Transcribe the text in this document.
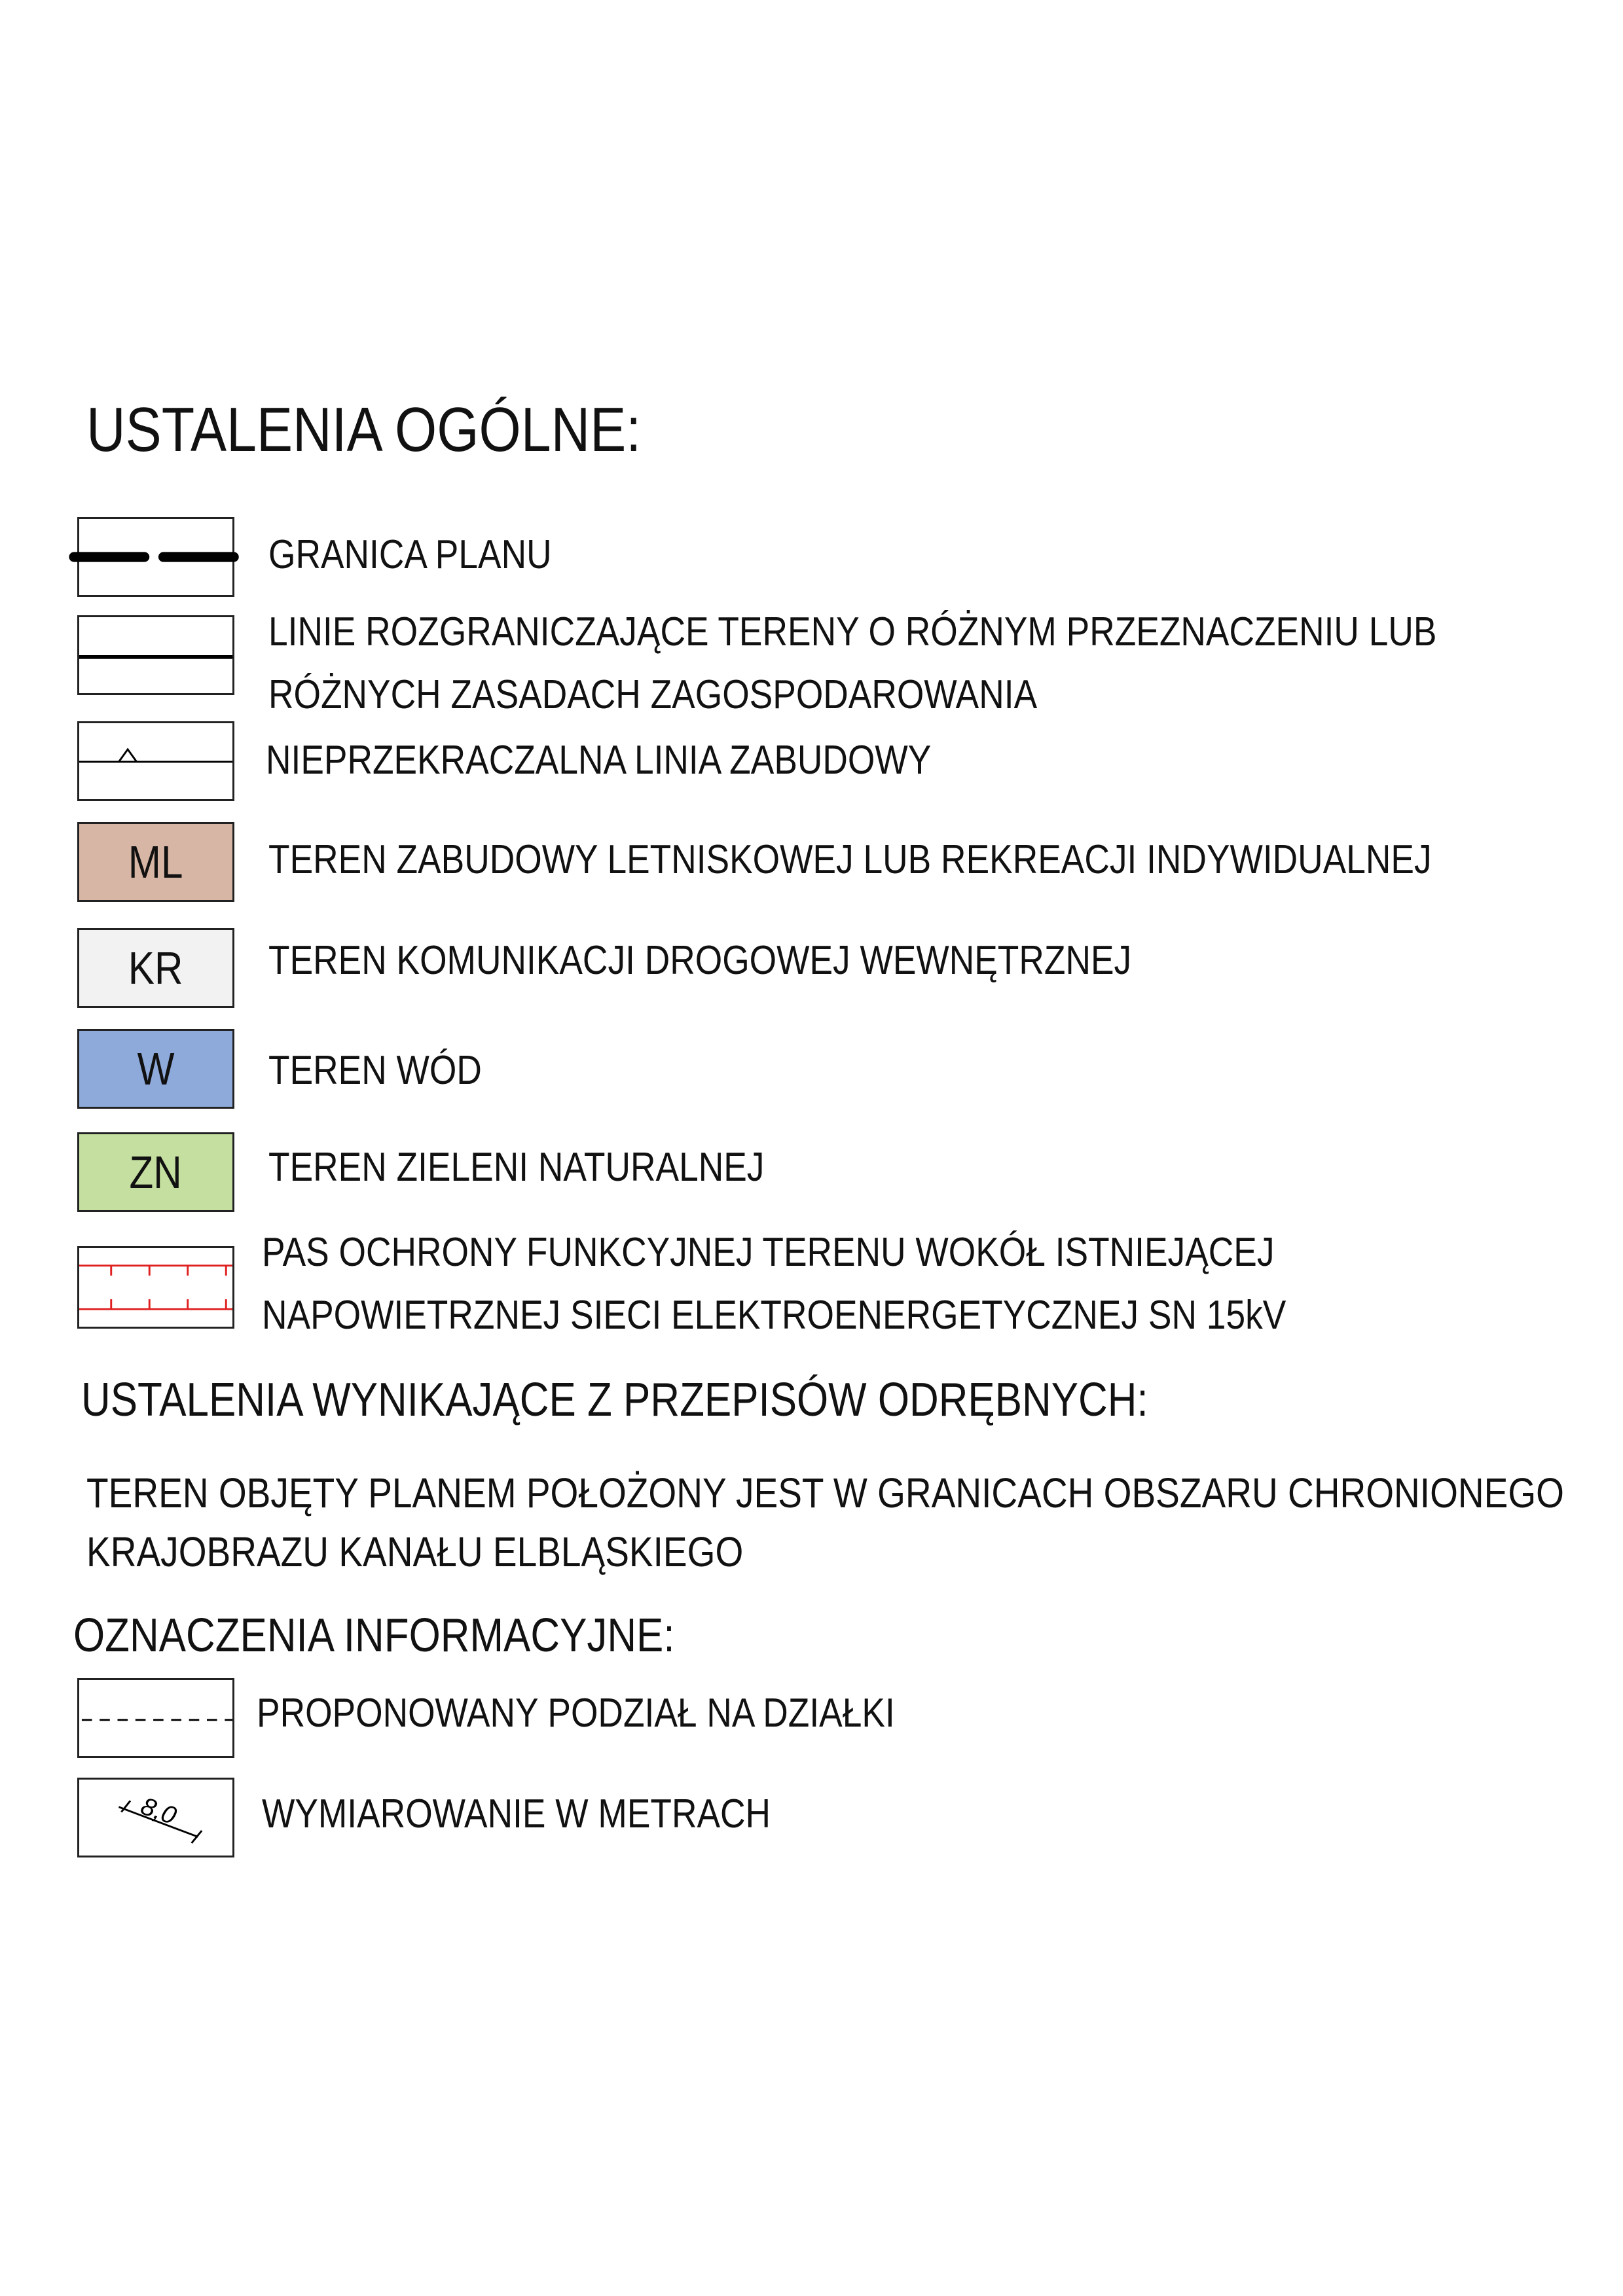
USTALENIA OGÓLNE:
GRANICA PLANU
LINIE ROZGRANICZAJĄCE TERENY O RÓŻNYM PRZEZNACZENIU LUB
RÓŻNYCH ZASADACH ZAGOSPODAROWANIA
NIEPRZEKRACZALNA LINIA ZABUDOWY
ML TEREN ZABUDOWY LETNISKOWEJ LUB REKREACJI INDYWIDUALNEJ
KR TEREN KOMUNIKACJI DROGOWEJ WEWNĘTRZNEJ
W TEREN WÓD
ZN TEREN ZIELENI NATURALNEJ
PAS OCHRONY FUNKCYJNEJ TERENU WOKÓŁ ISTNIEJĄCEJ
NAPOWIETRZNEJ SIECI ELEKTROENERGETYCZNEJ SN 15kV
USTALENIA WYNIKAJĄCE Z PRZEPISÓW ODRĘBNYCH:
TEREN OBJĘTY PLANEM POŁOŻONY JEST W GRANICACH OBSZARU CHRONIONEGO
KRAJOBRAZU KANAŁU ELBLĄSKIEGO
OZNACZENIA INFORMACYJNE:
PROPONOWANY PODZIAŁ NA DZIAŁKI
8,0 WYMIAROWANIE W METRACH
